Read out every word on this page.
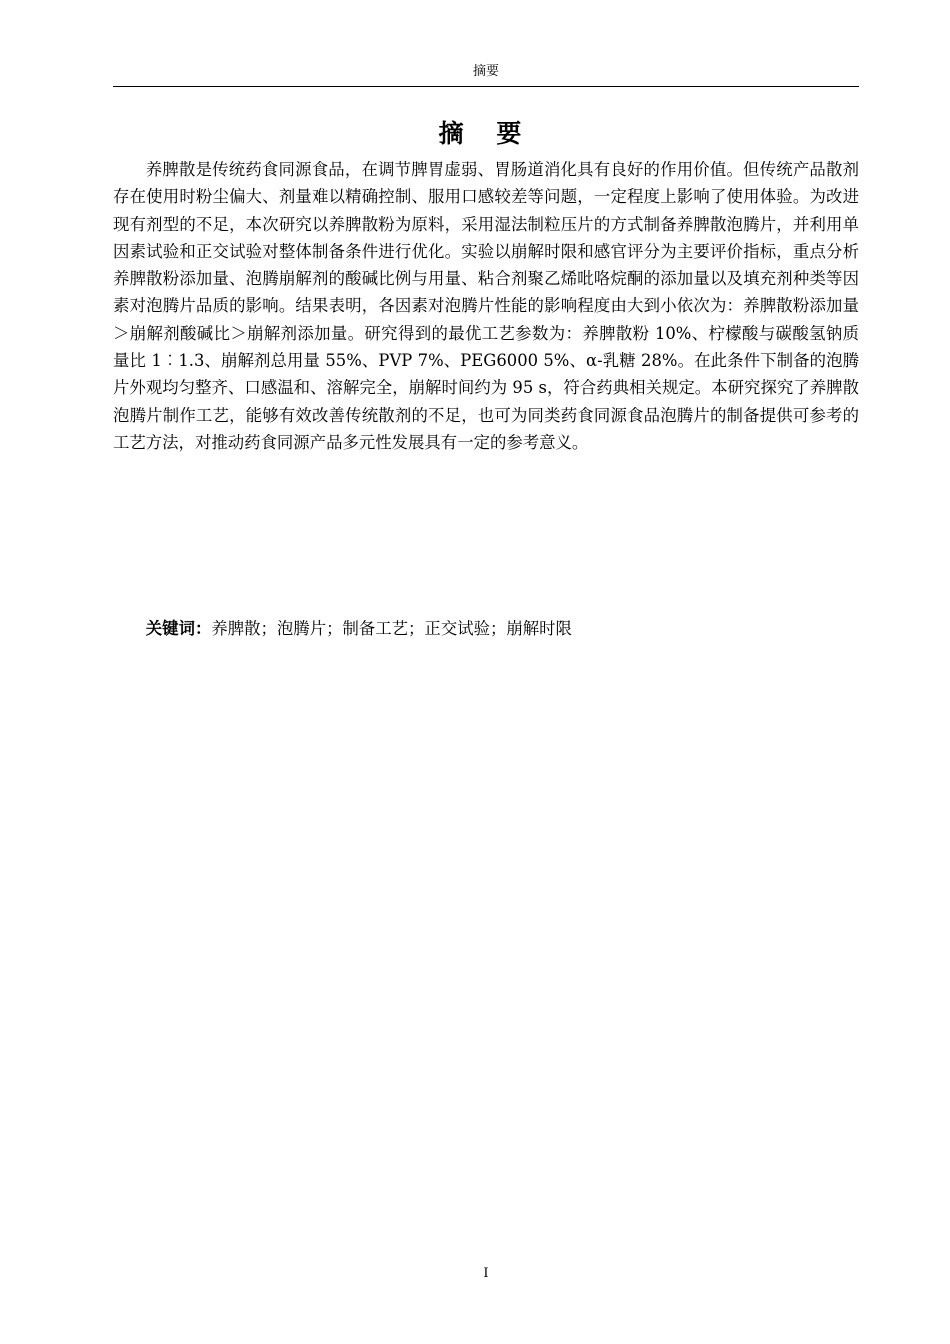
摘要
摘 要

养脾散是传统药食同源食品，在调节脾胃虚弱、胃肠道消化具有良好的作用价值。但传统产品散剂存在使用时粉尘偏大、剂量难以精确控制、服用口感较差等问题，一定程度上影响了使用体验。为改进现有剂型的不足，本次研究以养脾散粉为原料，采用湿法制粒压片的方式制备养脾散泡腾片，并利用单因素试验和正交试验对整体制备条件进行优化。实验以崩解时限和感官评分为主要评价指标，重点分析养脾散粉添加量、泡腾崩解剂的酸碱比例与用量、粘合剂聚乙烯吡咯烷酮的添加量以及填充剂种类等因素对泡腾片品质的影响。结果表明，各因素对泡腾片性能的影响程度由大到小依次为：养脾散粉添加量＞崩解剂酸碱比＞崩解剂添加量。研究得到的最优工艺参数为：养脾散粉 10%、柠檬酸与碳酸氢钠质量比 1︰1.3、崩解剂总用量 55%、PVP 7%、PEG6000 5%、α-乳糖 28%。在此条件下制备的泡腾片外观均匀整齐、口感温和、溶解完全，崩解时间约为 95 s，符合药典相关规定。本研究探究了养脾散泡腾片制作工艺，能够有效改善传统散剂的不足，也可为同类药食同源食品泡腾片的制备提供可参考的工艺方法，对推动药食同源产品多元性发展具有一定的参考意义。

关键词：养脾散；泡腾片；制备工艺；正交试验；崩解时限

I
